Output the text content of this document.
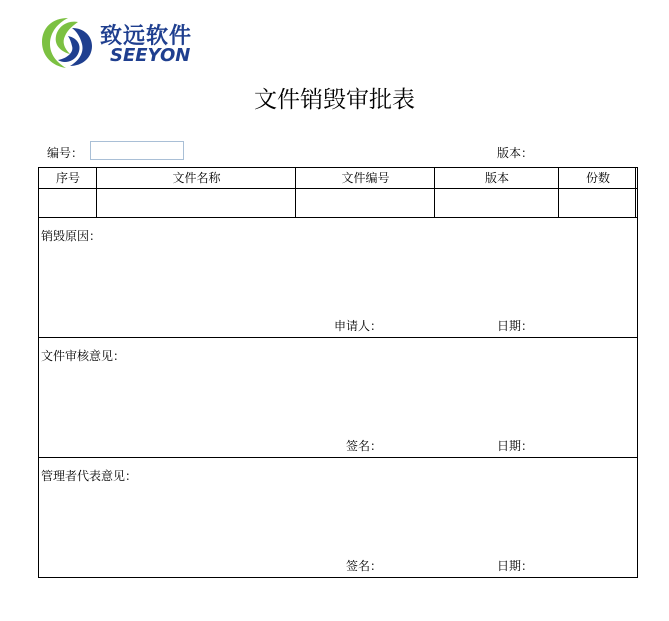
致远软件
SEEYON
文件销毁审批表
编号：	版本：
序号	文件名称	文件编号	版本	份数
销毁原因：
申请人：	日期：
文件审核意见：
签名：	日期：
管理者代表意见：
签名：	日期：
